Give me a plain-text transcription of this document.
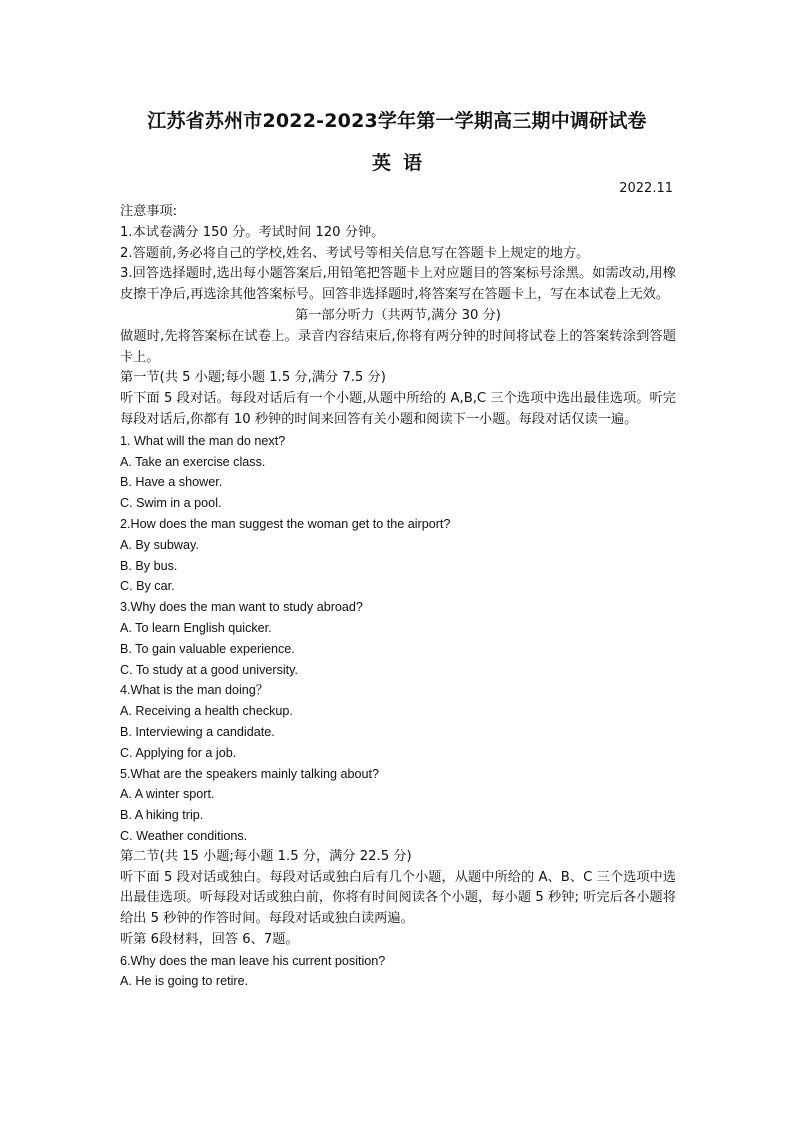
江苏省苏州市2022-2023学年第一学期高三期中调研试卷
英语
2022.11

注意事项:

1.本试卷满分 150 分。考试时间 120 分钟。

2.答题前,务必将自己的学校,姓名、考试号等相关信息写在答题卡上规定的地方。

3.回答选择题时,选出每小题答案后,用铅笔把答题卡上对应题目的答案标号涂黑。如需改动,用橡皮擦干净后,再选涂其他答案标号。回答非选择题时,将答案写在答题卡上，写在本试卷上无效。

第一部分听力（共两节,满分 30 分)

做题时,先将答案标在试卷上。录音内容结束后,你将有两分钟的时间将试卷上的答案转涂到答题卡上。

第一节(共 5 小题;每小题 1.5 分,满分 7.5 分)

听下面 5 段对话。每段对话后有一个小题,从题中所给的 A,B,C 三个选项中选出最佳选项。听完每段对话后,你都有 10 秒钟的时间来回答有关小题和阅读下一小题。每段对话仅读一遍。

1. What will the man do next?

A. Take an exercise class.

B. Have a shower.

C. Swim in a pool.

2.How does the man suggest the woman get to the airport?

A. By subway.

B. By bus.

C. By car.

3.Why does the man want to study abroad?

A. To learn English quicker.

B. To gain valuable experience.

C. To study at a good university.

4.What is the man doing？

A. Receiving a health checkup.

B. Interviewing a candidate.

C. Applying for a job.

5.What are the speakers mainly talking about?

A. A winter sport.

B. A hiking trip.

C. Weather conditions.

第二节(共 15 小题;每小题 1.5 分，满分 22.5 分)

听下面 5 段对话或独白。每段对话或独白后有几个小题，从题中所给的 A、B、C 三个选项中选出最佳选项。听每段对话或独白前，你将有时间阅读各个小题，每小题 5 秒钟; 听完后各小题将给出 5 秒钟的作答时间。每段对话或独白读两遍。

听第 6段材料，回答 6、7题。

6.Why does the man leave his current position?

A. He is going to retire.
